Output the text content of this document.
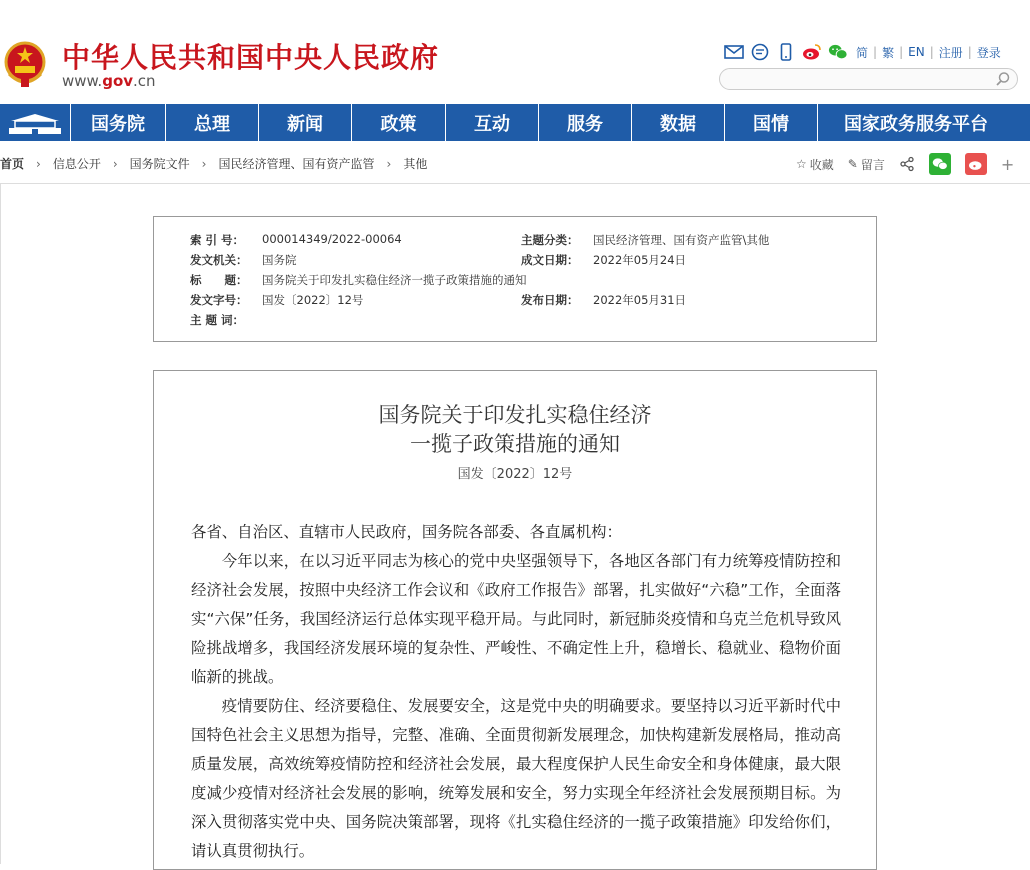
中华人民共和国中央人民政府
www.gov.cn
简 | 繁 | EN | 注册 | 登录
国务院	总理	新闻	政策	互动	服务	数据	国情	国家政务服务平台
首页 › 信息公开 › 国务院文件 › 国民经济管理、国有资产监管 › 其他	☆ 收藏 ✎ 留言	+
索 引 号：	000014349/2022-00064	主题分类：	国民经济管理、国有资产监管\其他
发文机关：	国务院	成文日期：	2022年05月24日
标　　题：	国务院关于印发扎实稳住经济一揽子政策措施的通知
发文字号：	国发〔2022〕12号	发布日期：	2022年05月31日
主 题 词：
国务院关于印发扎实稳住经济
一揽子政策措施的通知
国发〔2022〕12号

各省、自治区、直辖市人民政府，国务院各部委、各直属机构：

今年以来，在以习近平同志为核心的党中央坚强领导下，各地区各部门有力统筹疫情防控和经济社会发展，按照中央经济工作会议和《政府工作报告》部署，扎实做好“六稳”工作，全面落实“六保”任务，我国经济运行总体实现平稳开局。与此同时，新冠肺炎疫情和乌克兰危机导致风险挑战增多，我国经济发展环境的复杂性、严峻性、不确定性上升，稳增长、稳就业、稳物价面临新的挑战。

疫情要防住、经济要稳住、发展要安全，这是党中央的明确要求。要坚持以习近平新时代中国特色社会主义思想为指导，完整、准确、全面贯彻新发展理念，加快构建新发展格局，推动高质量发展，高效统筹疫情防控和经济社会发展，最大程度保护人民生命安全和身体健康，最大限度减少疫情对经济社会发展的影响，统筹发展和安全，努力实现全年经济社会发展预期目标。为深入贯彻落实党中央、国务院决策部署，现将《扎实稳住经济的一揽子政策措施》印发给你们，请认真贯彻执行。
